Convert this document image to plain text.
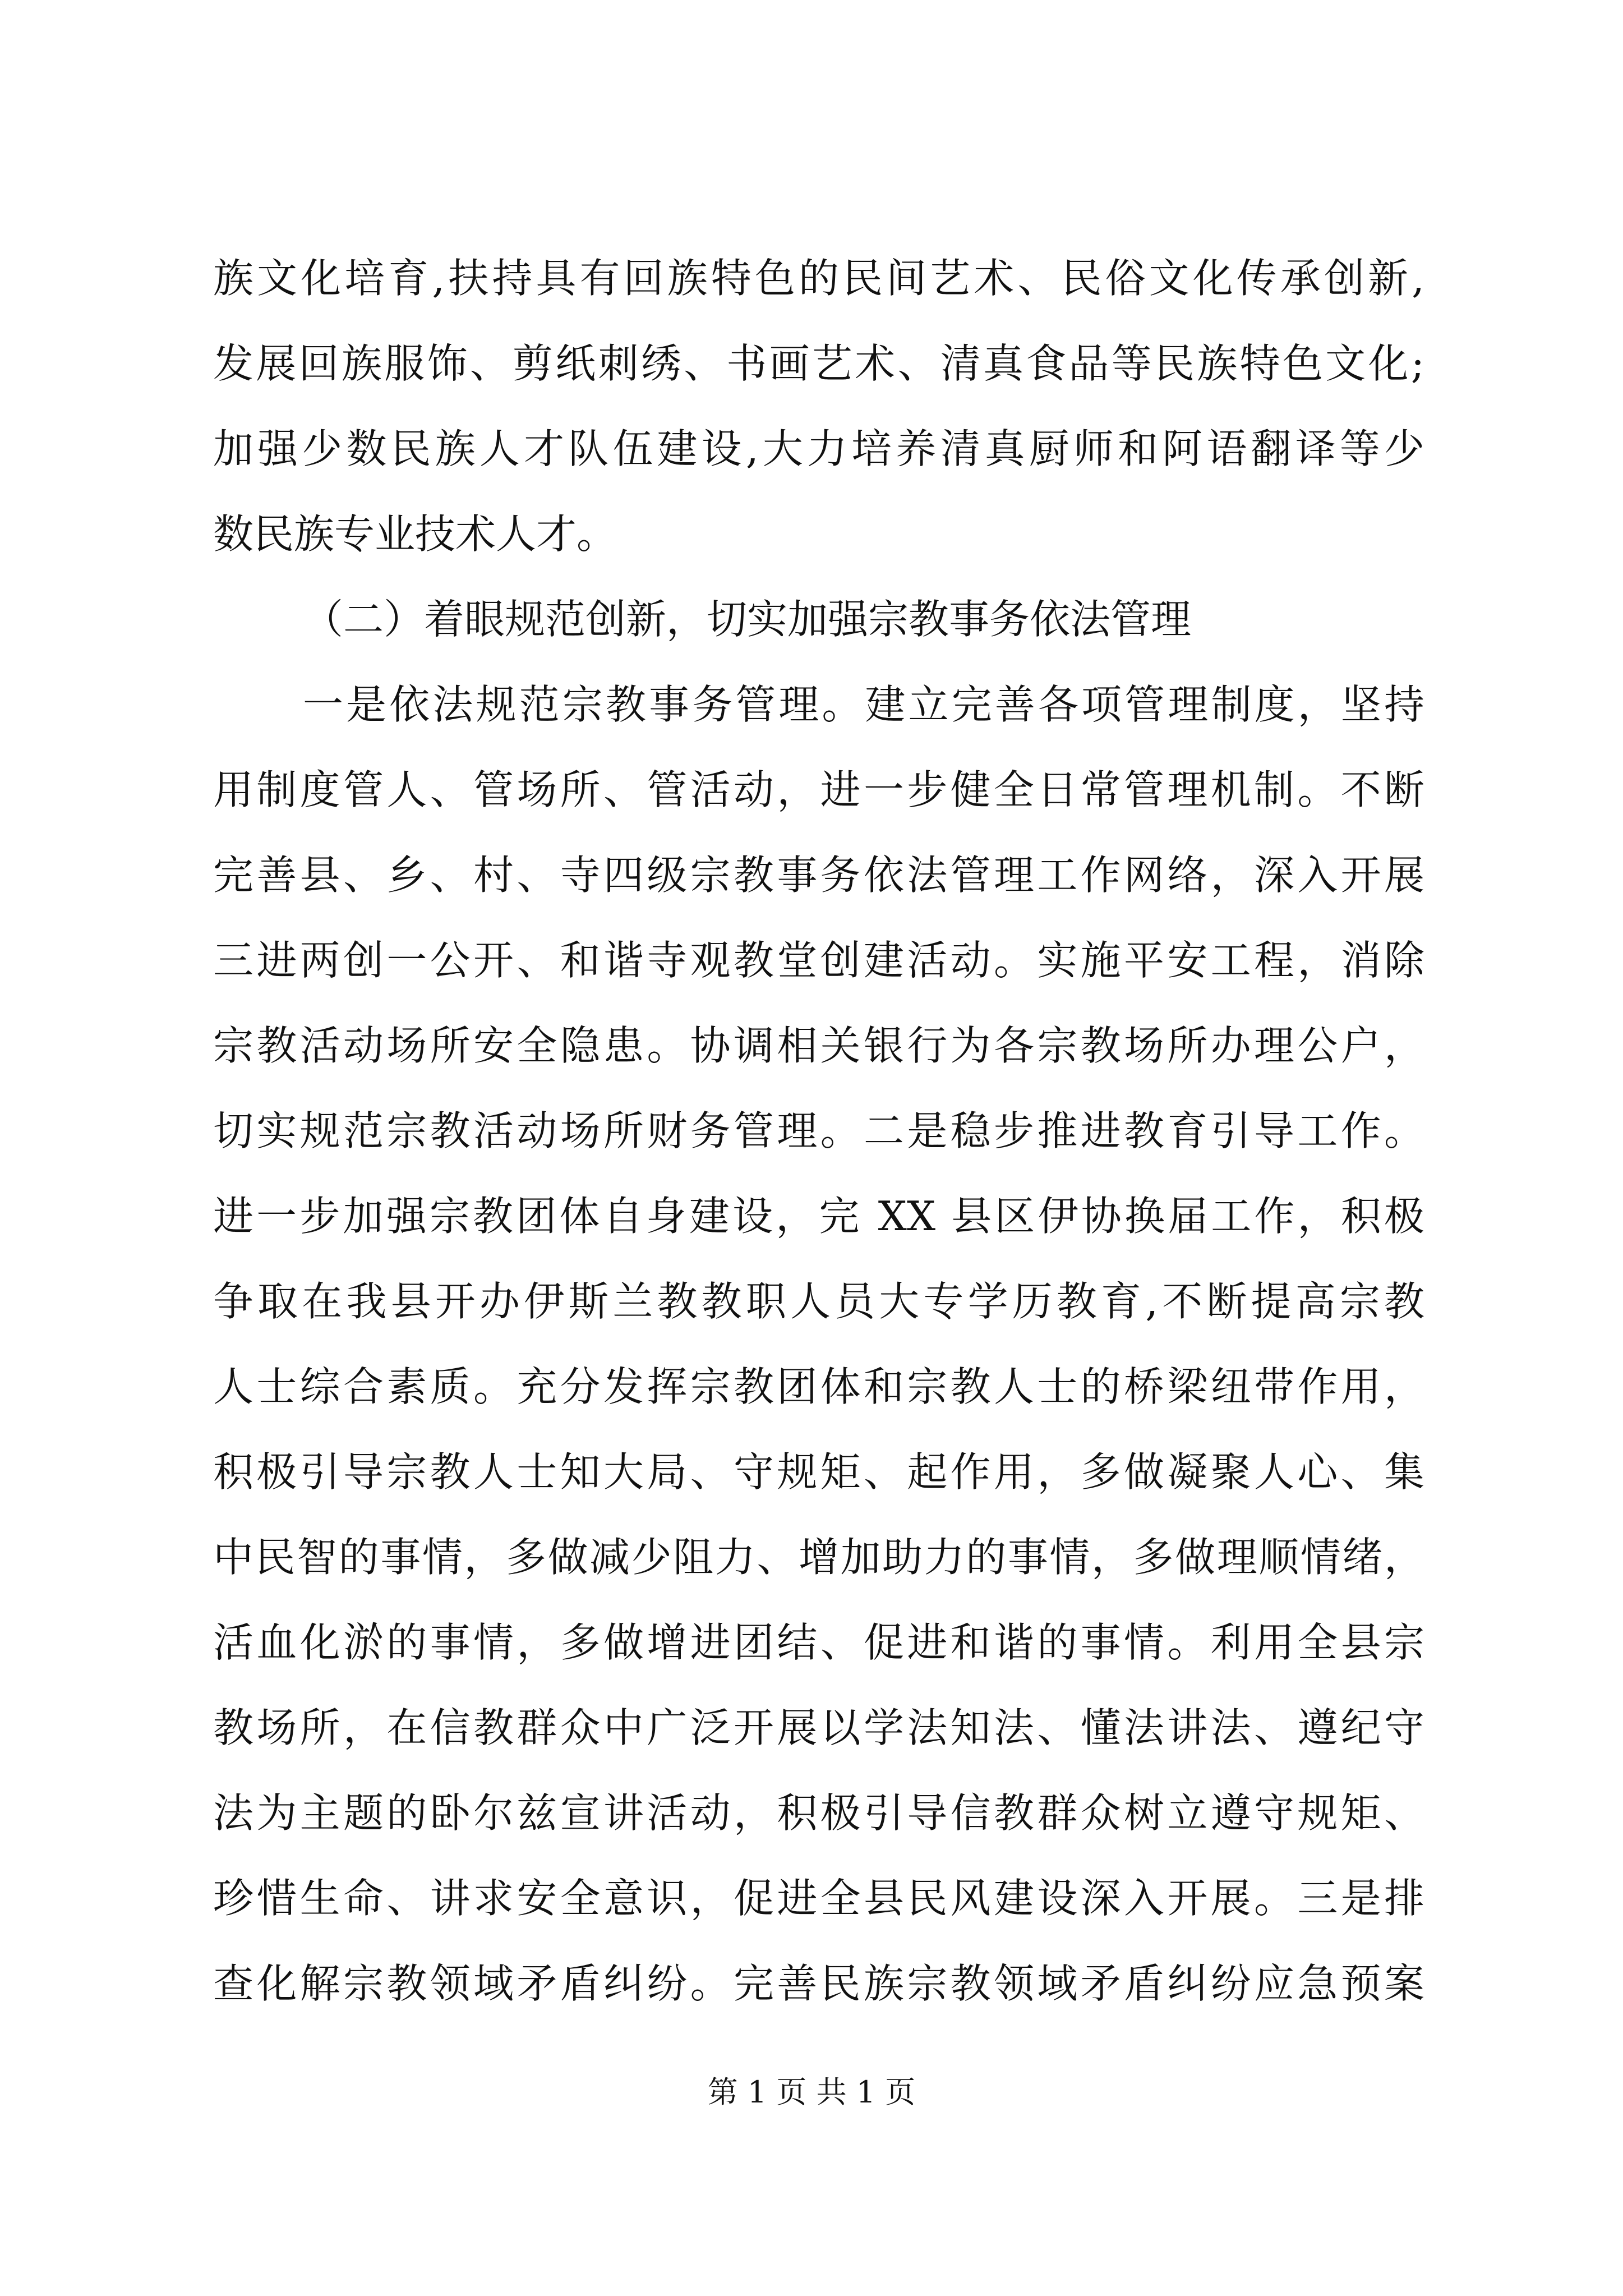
族文化培育,扶持具有回族特色的民间艺术、民俗文化传承创新,
发展回族服饰、剪纸刺绣、书画艺术、清真食品等民族特色文化;
加强少数民族人才队伍建设,大力培养清真厨师和阿语翻译等少
数民族专业技术人才。
（二）着眼规范创新，切实加强宗教事务依法管理
一是依法规范宗教事务管理。建立完善各项管理制度，坚持
用制度管人、管场所、管活动，进一步健全日常管理机制。不断
完善县、乡、村、寺四级宗教事务依法管理工作网络，深入开展
三进两创一公开、和谐寺观教堂创建活动。实施平安工程，消除
宗教活动场所安全隐患。协调相关银行为各宗教场所办理公户，
切实规范宗教活动场所财务管理。二是稳步推进教育引导工作。
进一步加强宗教团体自身建设，完 XX 县区伊协换届工作，积极
争取在我县开办伊斯兰教教职人员大专学历教育,不断提高宗教
人士综合素质。充分发挥宗教团体和宗教人士的桥梁纽带作用，
积极引导宗教人士知大局、守规矩、起作用，多做凝聚人心、集
中民智的事情，多做减少阻力、增加助力的事情，多做理顺情绪，
活血化淤的事情，多做增进团结、促进和谐的事情。利用全县宗
教场所，在信教群众中广泛开展以学法知法、懂法讲法、遵纪守
法为主题的卧尔兹宣讲活动，积极引导信教群众树立遵守规矩、
珍惜生命、讲求安全意识，促进全县民风建设深入开展。三是排
查化解宗教领域矛盾纠纷。完善民族宗教领域矛盾纠纷应急预案
第 1 页 共 1 页
